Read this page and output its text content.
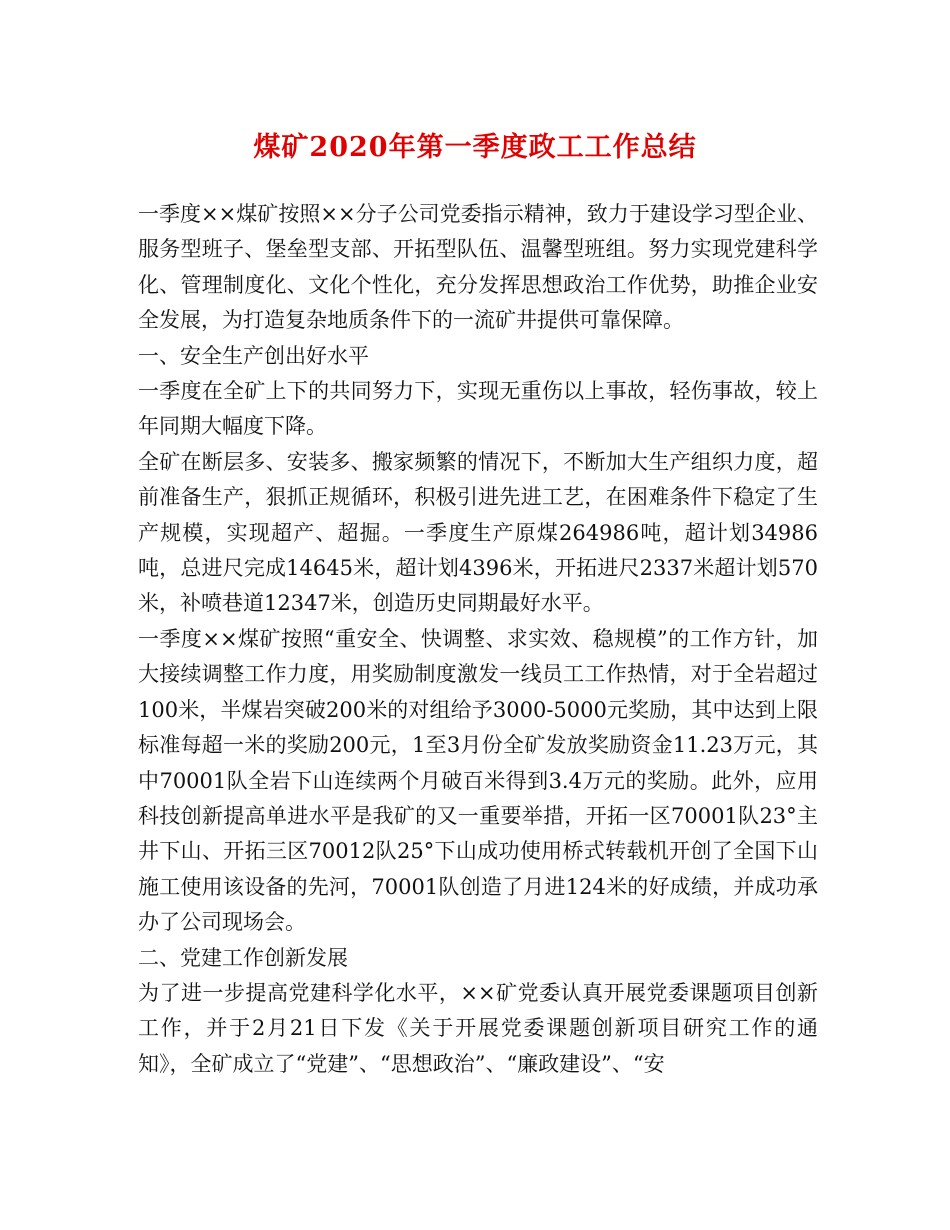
煤矿2020年第一季度政工工作总结

一季度××煤矿按照××分子公司党委指示精神，致力于建设学习型企业、服务型班子、堡垒型支部、开拓型队伍、温馨型班组。努力实现党建科学化、管理制度化、文化个性化，充分发挥思想政治工作优势，助推企业安全发展，为打造复杂地质条件下的一流矿井提供可靠保障。

一、安全生产创出好水平

一季度在全矿上下的共同努力下，实现无重伤以上事故，轻伤事故，较上年同期大幅度下降。

全矿在断层多、安装多、搬家频繁的情况下，不断加大生产组织力度，超前准备生产，狠抓正规循环，积极引进先进工艺，在困难条件下稳定了生产规模，实现超产、超掘。一季度生产原煤264986吨，超计划34986吨，总进尺完成14645米，超计划4396米，开拓进尺2337米超计划570米，补喷巷道12347米，创造历史同期最好水平。

一季度××煤矿按照“重安全、快调整、求实效、稳规模”的工作方针，加大接续调整工作力度，用奖励制度激发一线员工工作热情，对于全岩超过100米，半煤岩突破200米的对组给予3000-5000元奖励，其中达到上限标准每超一米的奖励200元，1至3月份全矿发放奖励资金11.23万元，其中70001队全岩下山连续两个月破百米得到3.4万元的奖励。此外，应用科技创新提高单进水平是我矿的又一重要举措，开拓一区70001队23°主井下山、开拓三区70012队25°下山成功使用桥式转载机开创了全国下山施工使用该设备的先河，70001队创造了月进124米的好成绩，并成功承办了公司现场会。

二、党建工作创新发展

为了进一步提高党建科学化水平，××矿党委认真开展党委课题项目创新工作，并于2月21日下发《关于开展党委课题创新项目研究工作的通知》，全矿成立了“党建”、“思想政治”、“廉政建设”、“安
